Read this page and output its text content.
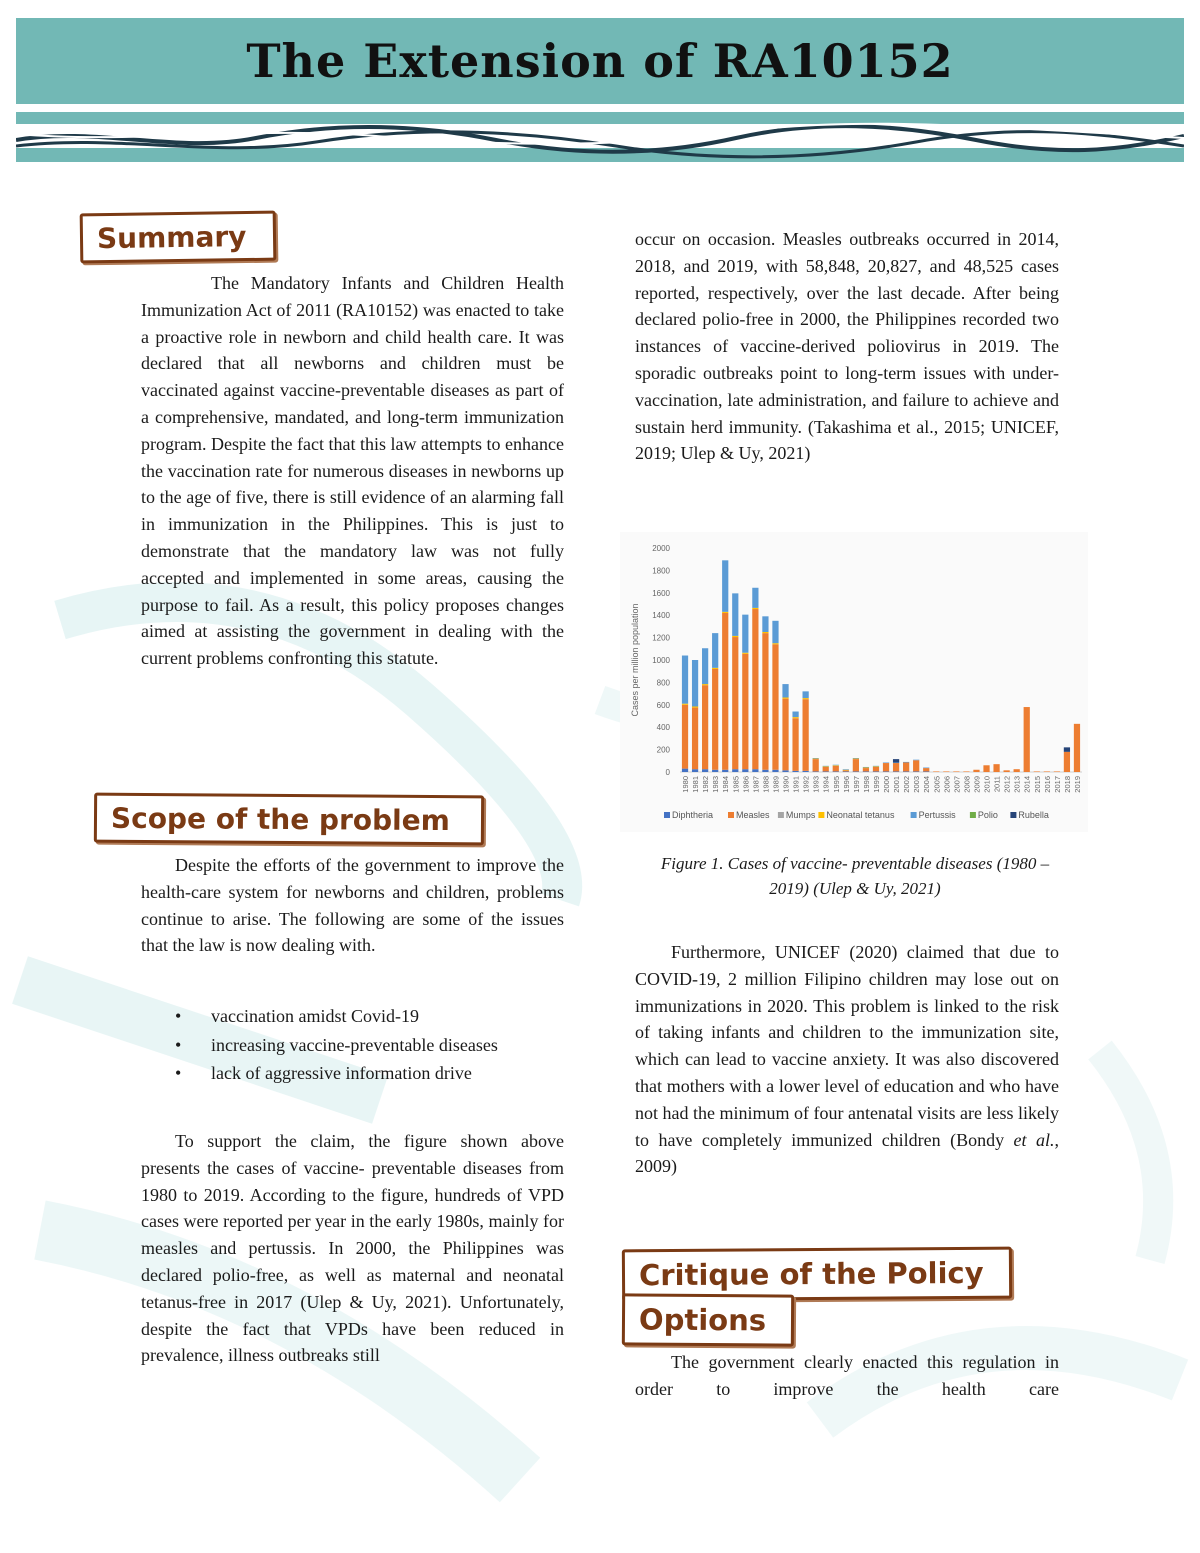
The Extension of RA10152
Summary

The Mandatory Infants and Children Health Immunization Act of 2011 (RA10152) was enacted to take a proactive role in newborn and child health care. It was declared that all newborns and children must be vaccinated against vaccine-preventable diseases as part of a comprehensive, mandated, and long-term immunization program. Despite the fact that this law attempts to enhance the vaccination rate for numerous diseases in newborns up to the age of five, there is still evidence of an alarming fall in immunization in the Philippines. This is just to demonstrate that the mandatory law was not fully accepted and implemented in some areas, causing the purpose to fail. As a result, this policy proposes changes aimed at assisting the government in dealing with the current problems confronting this statute.

Scope of the problem

Despite the efforts of the government to improve the health-care system for newborns and children, problems continue to arise. The following are some of the issues that the law is now dealing with.

• vaccination amidst Covid-19
• increasing vaccine-preventable diseases
• lack of aggressive information drive

To support the claim, the figure shown above presents the cases of vaccine- preventable diseases from 1980 to 2019. According to the figure, hundreds of VPD cases were reported per year in the early 1980s, mainly for measles and pertussis. In 2000, the Philippines was declared polio-free, as well as maternal and neonatal tetanus-free in 2017 (Ulep & Uy, 2021). Unfortunately, despite the fact that VPDs have been reduced in prevalence, illness outbreaks still

occur on occasion. Measles outbreaks occurred in 2014, 2018, and 2019, with 58,848, 20,827, and 48,525 cases reported, respectively, over the last decade. After being declared polio-free in 2000, the Philippines recorded two instances of vaccine-derived poliovirus in 2019. The sporadic outbreaks point to long-term issues with under-vaccination, late administration, and failure to achieve and sustain herd immunity. (Takashima et al., 2015; UNICEF, 2019; Ulep & Uy, 2021)

0
200
400
600
800
1000
1200
1400
1600
1800
2000
Cases per million population
1980 1981 1982 1983 1984 1985 1986 1987 1988 1989 1990 1991 1992 1993 1994 1995 1996 1997 1998 1999 2000 2001 2002 2003 2004 2005 2006 2007 2008 2009 2010 2011 2012 2013 2014 2015 2016 2017 2018 2019
Diphtheria	Measles Mumps Neonatal tetanus	Pertussis Polio Rubella
Figure 1. Cases of vaccine- preventable diseases (1980 – 2019) (Ulep & Uy, 2021)

Furthermore, UNICEF (2020) claimed that due to COVID-19, 2 million Filipino children may lose out on immunizations in 2020. This problem is linked to the risk of taking infants and children to the immunization site, which can lead to vaccine anxiety. It was also discovered that mothers with a lower level of education and who have not had the minimum of four antenatal visits are less likely to have completely immunized children (Bondy et al., 2009)

Critique of the Policy
Options

The government clearly enacted this regulation in order to improve the health care
